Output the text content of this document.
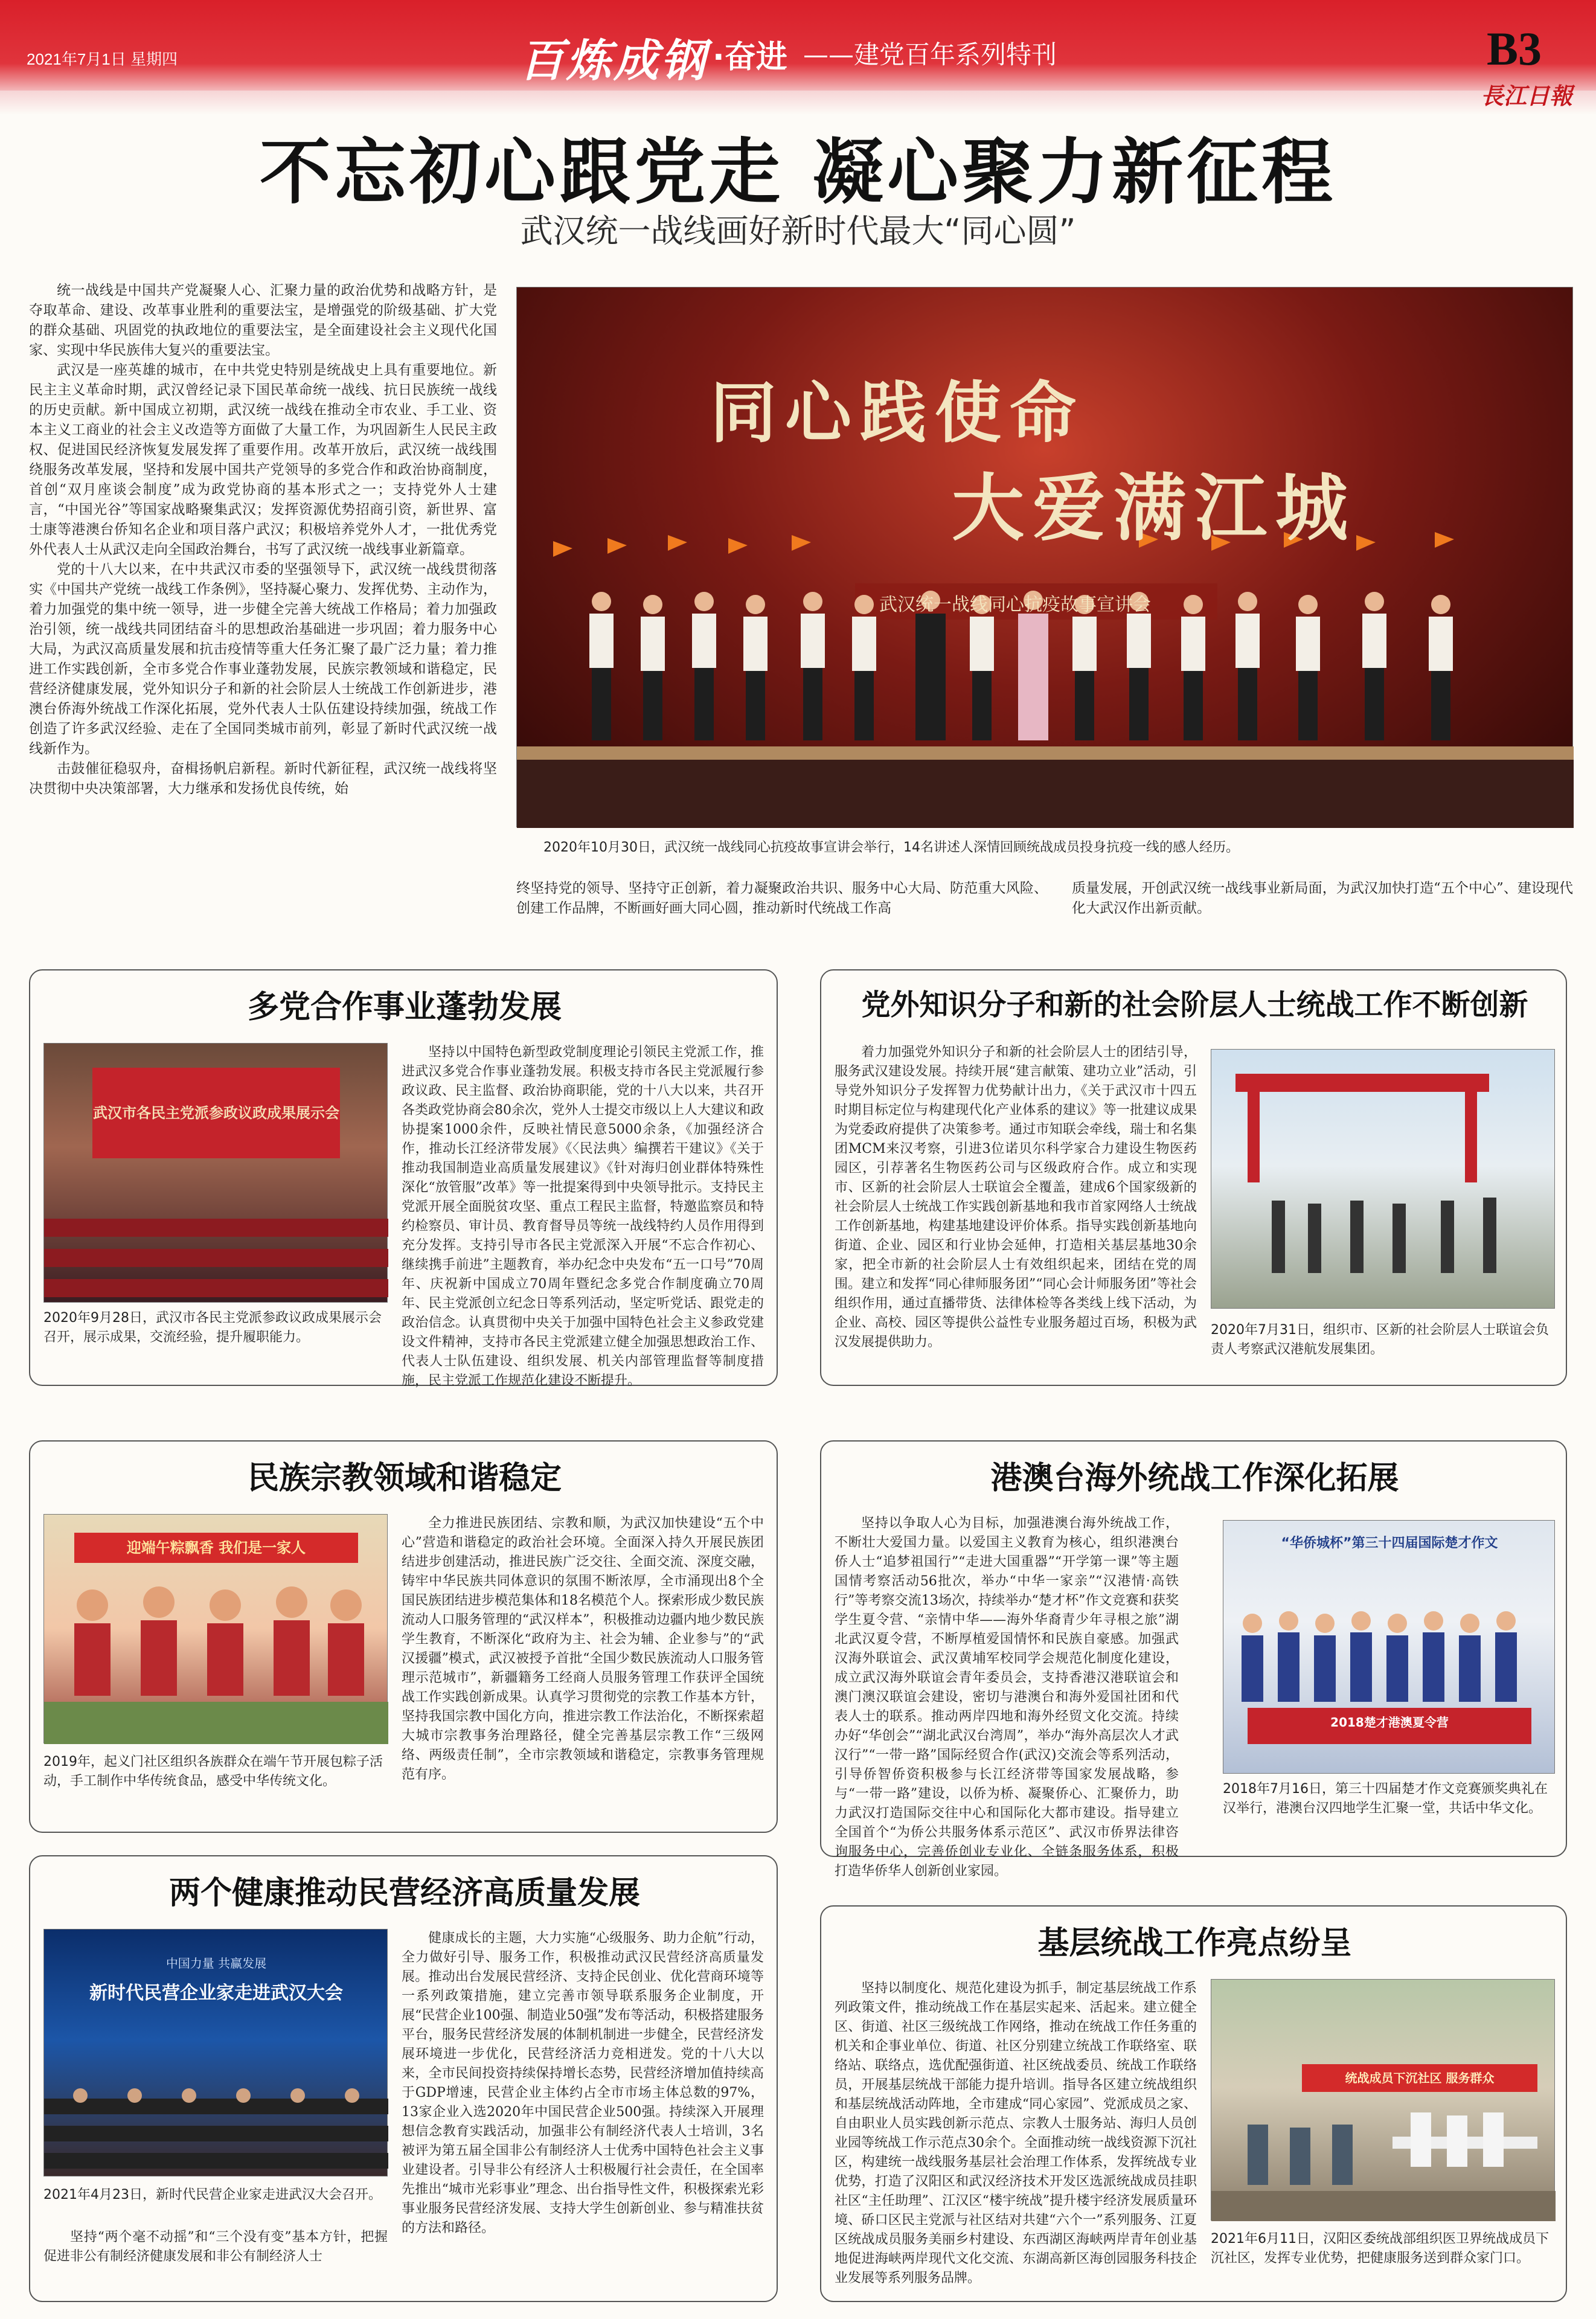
2021年7月1日 星期四	百炼成钢 ·奋进 ——建党百年系列特刊	B3
長江日報
不忘初心跟党走 凝心聚力新征程
武汉统一战线画好新时代最大“同心圆”

统一战线是中国共产党凝聚人心、汇聚力量的政治优势和战略方针，是夺取革命、建设、改革事业胜利的重要法宝，是增强党的阶级基础、扩大党的群众基础、巩固党的执政地位的重要法宝，是全面建设社会主义现代化国家、实现中华民族伟大复兴的重要法宝。

武汉是一座英雄的城市，在中共党史特别是统战史上具有重要地位。新民主主义革命时期，武汉曾经记录下国民革命统一战线、抗日民族统一战线的历史贡献。新中国成立初期，武汉统一战线在推动全市农业、手工业、资本主义工商业的社会主义改造等方面做了大量工作，为巩固新生人民民主政权、促进国民经济恢复发展发挥了重要作用。改革开放后，武汉统一战线围绕服务改革发展，坚持和发展中国共产党领导的多党合作和政治协商制度，首创“双月座谈会制度”成为政党协商的基本形式之一；支持党外人士建言，“中国光谷”等国家战略聚集武汉；发挥资源优势招商引资，新世界、富士康等港澳台侨知名企业和项目落户武汉；积极培养党外人才，一批优秀党外代表人士从武汉走向全国政治舞台，书写了武汉统一战线事业新篇章。

党的十八大以来，在中共武汉市委的坚强领导下，武汉统一战线贯彻落实《中国共产党统一战线工作条例》，坚持凝心聚力、发挥优势、主动作为，着力加强党的集中统一领导，进一步健全完善大统战工作格局；着力加强政治引领，统一战线共同团结奋斗的思想政治基础进一步巩固；着力服务中心大局，为武汉高质量发展和抗击疫情等重大任务汇聚了最广泛力量；着力推进工作实践创新，全市多党合作事业蓬勃发展，民族宗教领域和谐稳定，民营经济健康发展，党外知识分子和新的社会阶层人士统战工作创新进步，港澳台侨海外统战工作深化拓展，党外代表人士队伍建设持续加强，统战工作创造了许多武汉经验、走在了全国同类城市前列，彰显了新时代武汉统一战线新作为。

击鼓催征稳驭舟，奋楫扬帆启新程。新时代新征程，武汉统一战线将坚决贯彻中央决策部署，大力继承和发扬优良传统，始

终坚持党的领导、坚持守正创新，着力凝聚政治共识、服务中心大局、防范重大风险、创建工作品牌，不断画好画大同心圆，推动新时代统战工作高
质量发展，开创武汉统一战线事业新局面，为武汉加快打造“五个中心”、建设现代化大武汉作出新贡献。
同心践使命
大爱满江城
武汉统一战线同心抗疫故事宣讲会
2020年10月30日，武汉统一战线同心抗疫故事宣讲会举行，14名讲述人深情回顾统战成员投身抗疫一线的感人经历。
多党合作事业蓬勃发展
武汉市各民主党派参政议政成果展示会
2020年9月28日，武汉市各民主党派参政议政成果展示会召开，展示成果，交流经验，提升履职能力。

坚持以中国特色新型政党制度理论引领民主党派工作，推进武汉多党合作事业蓬勃发展。积极支持市各民主党派履行参政议政、民主监督、政治协商职能，党的十八大以来，共召开各类政党协商会80余次，党外人士提交市级以上人大建议和政协提案1000余件，反映社情民意5000余条，《加强经济合作，推动长江经济带发展》《〈民法典〉编撰若干建议》《关于推动我国制造业高质量发展建议》《针对海归创业群体特殊性深化“放管服”改革》等一批提案得到中央领导批示。支持民主党派开展全面脱贫攻坚、重点工程民主监督，特邀监察员和特约检察员、审计员、教育督导员等统一战线特约人员作用得到充分发挥。支持引导市各民主党派深入开展“不忘合作初心、继续携手前进”主题教育，举办纪念中央发布“五一口号”70周年、庆祝新中国成立70周年暨纪念多党合作制度确立70周年、民主党派创立纪念日等系列活动，坚定听党话、跟党走的政治信念。认真贯彻中央关于加强中国特色社会主义参政党建设文件精神，支持市各民主党派建立健全加强思想政治工作、代表人士队伍建设、组织发展、机关内部管理监督等制度措施，民主党派工作规范化建设不断提升。

党外知识分子和新的社会阶层人士统战工作不断创新

着力加强党外知识分子和新的社会阶层人士的团结引导，服务武汉建设发展。持续开展“建言献策、建功立业”活动，引导党外知识分子发挥智力优势献计出力，《关于武汉市十四五时期目标定位与构建现代化产业体系的建议》等一批建议成果为党委政府提供了决策参考。通过市知联会牵线，瑞士和名集团MCM来汉考察，引进3位诺贝尔科学家合力建设生物医药园区，引荐著名生物医药公司与区级政府合作。成立和实现市、区新的社会阶层人士联谊会全覆盖，建成6个国家级新的社会阶层人士统战工作实践创新基地和我市首家网络人士统战工作创新基地，构建基地建设评价体系。指导实践创新基地向街道、企业、园区和行业协会延伸，打造相关基层基地30余家，把全市新的社会阶层人士有效组织起来，团结在党的周围。建立和发挥“同心律师服务团”“同心会计师服务团”等社会组织作用，通过直播带货、法律体检等各类线上线下活动，为企业、高校、园区等提供公益性专业服务超过百场，积极为武汉发展提供助力。

2020年7月31日，组织市、区新的社会阶层人士联谊会负责人考察武汉港航发展集团。
民族宗教领域和谐稳定
迎端午粽飘香 我们是一家人
2019年，起义门社区组织各族群众在端午节开展包粽子活动，手工制作中华传统食品，感受中华传统文化。

全力推进民族团结、宗教和顺，为武汉加快建设“五个中心”营造和谐稳定的政治社会环境。全面深入持久开展民族团结进步创建活动，推进民族广泛交往、全面交流、深度交融，铸牢中华民族共同体意识的氛围不断浓厚，全市涌现出8个全国民族团结进步模范集体和18名模范个人。探索形成少数民族流动人口服务管理的“武汉样本”，积极推动边疆内地少数民族学生教育，不断深化“政府为主、社会为辅、企业参与”的“武汉援疆”模式，武汉被授予首批“全国少数民族流动人口服务管理示范城市”，新疆籍务工经商人员服务管理工作获评全国统战工作实践创新成果。认真学习贯彻党的宗教工作基本方针，坚持我国宗教中国化方向，推进宗教工作法治化，不断探索超大城市宗教事务治理路径，健全完善基层宗教工作“三级网络、两级责任制”，全市宗教领域和谐稳定，宗教事务管理规范有序。

港澳台海外统战工作深化拓展

坚持以争取人心为目标，加强港澳台海外统战工作，不断壮大爱国力量。以爱国主义教育为核心，组织港澳台侨人士“追梦祖国行”“走进大国重器”“开学第一课”等主题国情考察活动56批次，举办“中华一家亲”“汉港情·高铁行”等考察交流13场次，持续举办“楚才杯”作文竞赛和获奖学生夏令营、“亲情中华——海外华裔青少年寻根之旅”湖北武汉夏令营，不断厚植爱国情怀和民族自豪感。加强武汉海外联谊会、武汉黄埔军校同学会规范化制度化建设，成立武汉海外联谊会青年委员会，支持香港汉港联谊会和澳门澳汉联谊会建设，密切与港澳台和海外爱国社团和代表人士的联系。推动两岸四地和海外经贸文化交流。持续办好“华创会”“湖北武汉台湾周”，举办“海外高层次人才武汉行”“一带一路”国际经贸合作(武汉)交流会等系列活动，引导侨智侨资积极参与长江经济带等国家发展战略，参与“一带一路”建设，以侨为桥、凝聚侨心、汇聚侨力，助力武汉打造国际交往中心和国际化大都市建设。指导建立全国首个“为侨公共服务体系示范区”、武汉市侨界法律咨询服务中心，完善侨创业专业化、全链条服务体系，积极打造华侨华人创新创业家园。

“华侨城杯”第三十四届国际楚才作文
2018楚才港澳夏令营
2018年7月16日，第三十四届楚才作文竞赛颁奖典礼在汉举行，港澳台汉四地学生汇聚一堂，共话中华文化。
两个健康推动民营经济高质量发展
中国力量 共赢发展
新时代民营企业家走进武汉大会
2021年4月23日，新时代民营企业家走进武汉大会召开。

坚持“两个毫不动摇”和“三个没有变”基本方针，把握促进非公有制经济健康发展和非公有制经济人士

健康成长的主题，大力实施“心级服务、助力企航”行动，全力做好引导、服务工作，积极推动武汉民营经济高质量发展。推动出台发展民营经济、支持企民创业、优化营商环境等一系列政策措施，建立完善市领导联系服务企业制度，开展“民营企业100强、制造业50强”发布等活动，积极搭建服务平台，服务民营经济发展的体制机制进一步健全，民营经济发展环境进一步优化，民营经济活力竞相迸发。党的十八大以来，全市民间投资持续保持增长态势，民营经济增加值持续高于GDP增速，民营企业主体约占全市市场主体总数的97%，13家企业入选2020年中国民营企业500强。持续深入开展理想信念教育实践活动，加强非公有制经济代表人士培训，3名被评为第五届全国非公有制经济人士优秀中国特色社会主义事业建设者。引导非公有经济人士积极履行社会责任，在全国率先推出“城市光彩事业”理念、出台指导性文件，积极探索光彩事业服务民营经济发展、支持大学生创新创业、参与精准扶贫的方法和路径。

基层统战工作亮点纷呈

坚持以制度化、规范化建设为抓手，制定基层统战工作系列政策文件，推动统战工作在基层实起来、活起来。建立健全区、街道、社区三级统战工作网络，推动在统战工作任务重的机关和企事业单位、街道、社区分别建立统战工作联络室、联络站、联络点，选优配强街道、社区统战委员、统战工作联络员，开展基层统战干部能力提升培训。指导各区建立统战组织和基层统战活动阵地，全市建成“同心家园”、党派成员之家、自由职业人员实践创新示范点、宗教人士服务站、海归人员创业园等统战工作示范点30余个。全面推动统一战线资源下沉社区，构建统一战线服务基层社会治理工作体系，发挥统战专业优势，打造了汉阳区和武汉经济技术开发区选派统战成员挂职社区“主任助理”、江汉区“楼宇统战”提升楼宇经济发展质量环境、硚口区民主党派与社区结对共建“六个一”系列服务、江夏区统战成员服务美丽乡村建设、东西湖区海峡两岸青年创业基地促进海峡两岸现代文化交流、东湖高新区海创园服务科技企业发展等系列服务品牌。

统战成员下沉社区 服务群众
2021年6月11日，汉阳区委统战部组织医卫界统战成员下沉社区，发挥专业优势，把健康服务送到群众家门口。
